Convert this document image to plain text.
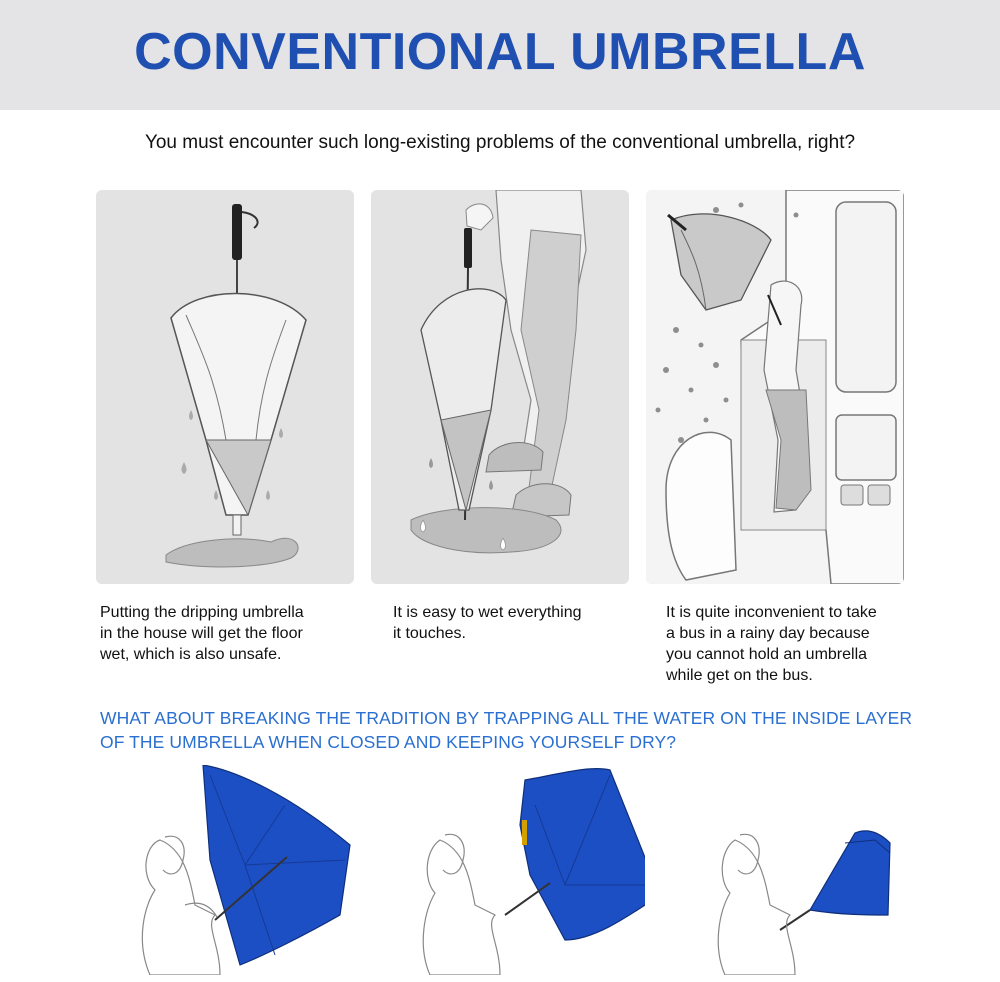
CONVENTIONAL UMBRELLA
You must encounter such long-existing problems of the conventional umbrella, right?
Putting the dripping umbrella
in the house will get the floor
wet, which is also unsafe.
It is easy to wet everything
it touches.
It is quite inconvenient to take
a bus in a rainy day because
you cannot hold an umbrella
while get on the bus.
WHAT ABOUT BREAKING THE TRADITION BY TRAPPING ALL THE WATER ON THE INSIDE LAYER
OF THE UMBRELLA WHEN CLOSED AND KEEPING YOURSELF DRY?
